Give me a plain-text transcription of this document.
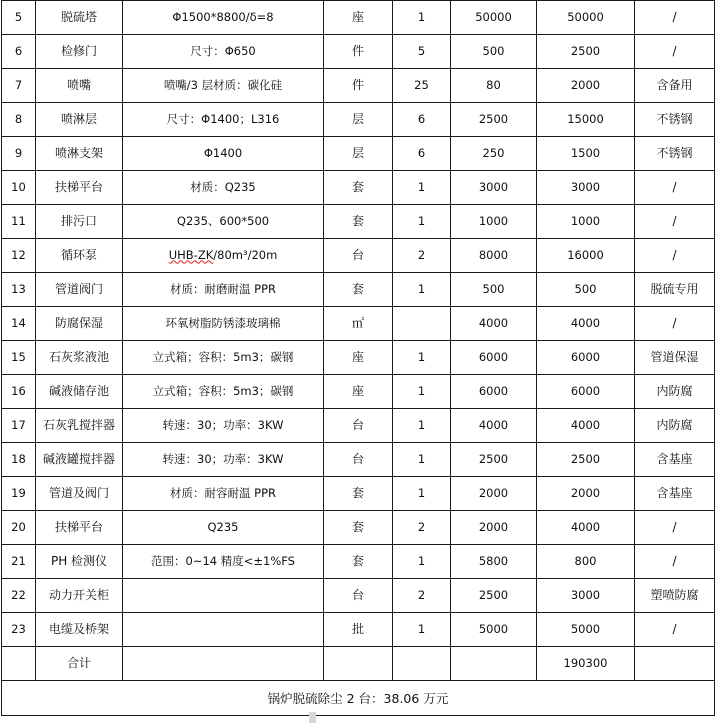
5	脱硫塔	Φ1500*8800/δ=8	座	1	50000	50000	/
6	检修门	尺寸：Φ650	件	5	500	2500	/
7	喷嘴	喷嘴/3 层材质：碳化硅	件	25	80	2000	含备用
8	喷淋层	尺寸：Φ1400；L316	层	6	2500	15000	不锈钢
9	喷淋支架	Φ1400	层	6	250	1500	不锈钢
10	扶梯平台	材质：Q235	套	1	3000	3000	/
11	排污口	Q235、600*500	套	1	1000	1000	/
12	循环泵	UHB-ZK/80m³/20m	台	2	8000	16000	/
13	管道阀门	材质：耐磨耐温 PPR	套	1	500	500	脱硫专用
14	防腐保湿	环氧树脂防锈漆玻璃棉	㎡		4000	4000	/
15	石灰浆液池	立式箱；容积：5m3；碳钢	座	1	6000	6000	管道保湿
16	碱液储存池	立式箱；容积：5m3；碳钢	座	1	6000	6000	内防腐
17	石灰乳搅拌器	转速：30；功率：3KW	台	1	4000	4000	内防腐
18	碱液罐搅拌器	转速：30；功率：3KW	台	1	2500	2500	含基座
19	管道及阀门	材质：耐容耐温 PPR	套	1	2000	2000	含基座
20	扶梯平台	Q235	套	2	2000	4000	/
21	PH 检测仪	范围：0~14 精度<±1%FS	套	1	5800	800	/
22	动力开关柜		台	2	2500	3000	塑喷防腐
23	电缆及桥架		批	1	5000	5000	/
	合计					190300	
锅炉脱硫除尘 2 台：38.06 万元							
